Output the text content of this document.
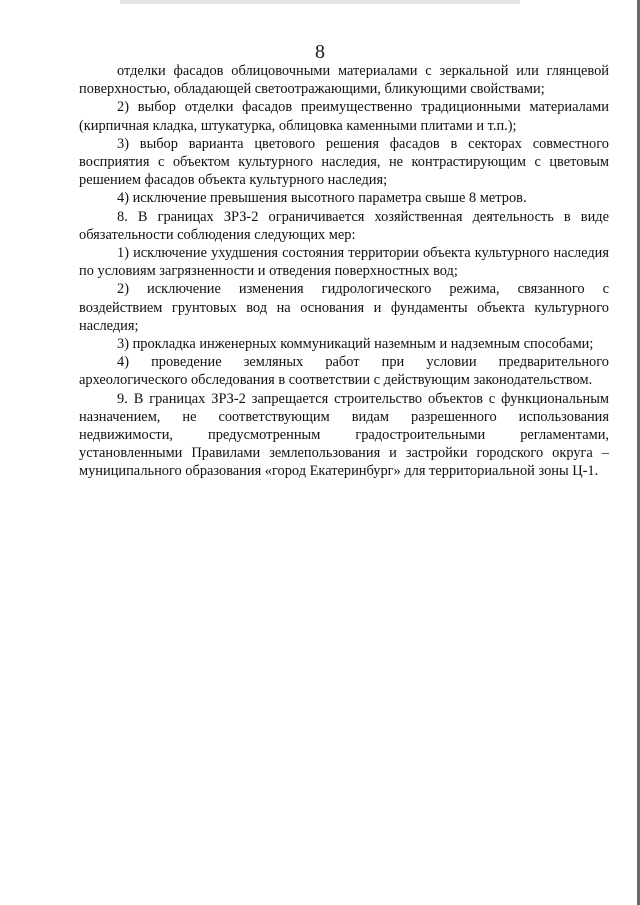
8

отделки фасадов облицовочными материалами с зеркальной или глянцевой поверхностью, обладающей светоотражающими, бликующими свойствами;

2) выбор отделки фасадов преимущественно традиционными материалами (кирпичная кладка, штукатурка, облицовка каменными плитами и т.п.);

3) выбор варианта цветового решения фасадов в секторах совместного восприятия с объектом культурного наследия, не контрастирующим с цветовым решением фасадов объекта культурного наследия;

4) исключение превышения высотного параметра свыше 8 метров.

8. В границах ЗРЗ-2 ограничивается хозяйственная деятельность в виде обязательности соблюдения следующих мер:

1) исключение ухудшения состояния территории объекта культурного наследия по условиям загрязненности и отведения поверхностных вод;

2) исключение изменения гидрологического режима, связанного с воздействием грунтовых вод на основания и фундаменты объекта культурного наследия;

3) прокладка инженерных коммуникаций наземным и надземным способами;

4) проведение земляных работ при условии предварительного археологического обследования в соответствии с действующим законодательством.

9. В границах ЗРЗ-2 запрещается строительство объектов с функциональным назначением, не соответствующим видам разрешенного использования недвижимости, предусмотренным градостроительными регламентами, установленными Правилами землепользования и застройки городского округа – муниципального образования «город Екатеринбург» для территориальной зоны Ц-1.
